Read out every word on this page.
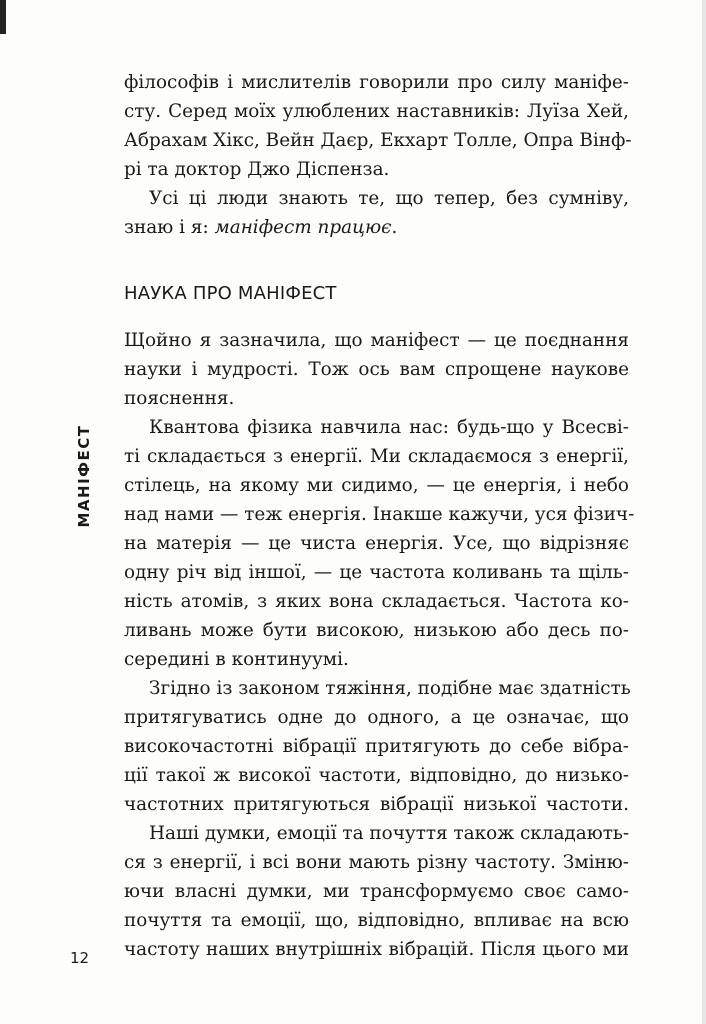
МАНІФЕСТ
філософів і мислителів говорили про силу маніфе-
сту. Серед моїх улюблених наставників: Луїза Хей,
Абрахам Хікс, Вейн Даєр, Екхарт Толле, Опра Вінф-
рі та доктор Джо Діспенза.
Усі ці люди знають те, що тепер, без сумніву,
знаю і я: маніфест працює.
НАУКА ПРО МАНІФЕСТ
Щойно я зазначила, що маніфест — це поєднання
науки і мудрості. Тож ось вам спрощене наукове
пояснення.
Квантова фізика навчила нас: будь-що у Всесві-
ті складається з енергії. Ми складаємося з енергії,
стілець, на якому ми сидимо, — це енергія, і небо
над нами — теж енергія. Інакше кажучи, уся фізич-
на матерія — це чиста енергія. Усе, що відрізняє
одну річ від іншої, — це частота коливань та щіль-
ність атомів, з яких вона складається. Частота ко-
ливань може бути високою, низькою або десь по-
середині в континуумі.
Згідно із законом тяжіння, подібне має здатність
притягуватись одне до одного, а це означає, що
високочастотні вібрації притягують до себе вібра-
ції такої ж високої частоти, відповідно, до низько-
частотних притягуються вібрації низької частоти.
Наші думки, емоції та почуття також складають-
ся з енергії, і всі вони мають різну частоту. Зміню-
ючи власні думки, ми трансформуємо своє само-
почуття та емоції, що, відповідно, впливає на всю
частоту наших внутрішніх вібрацій. Після цього ми
12
